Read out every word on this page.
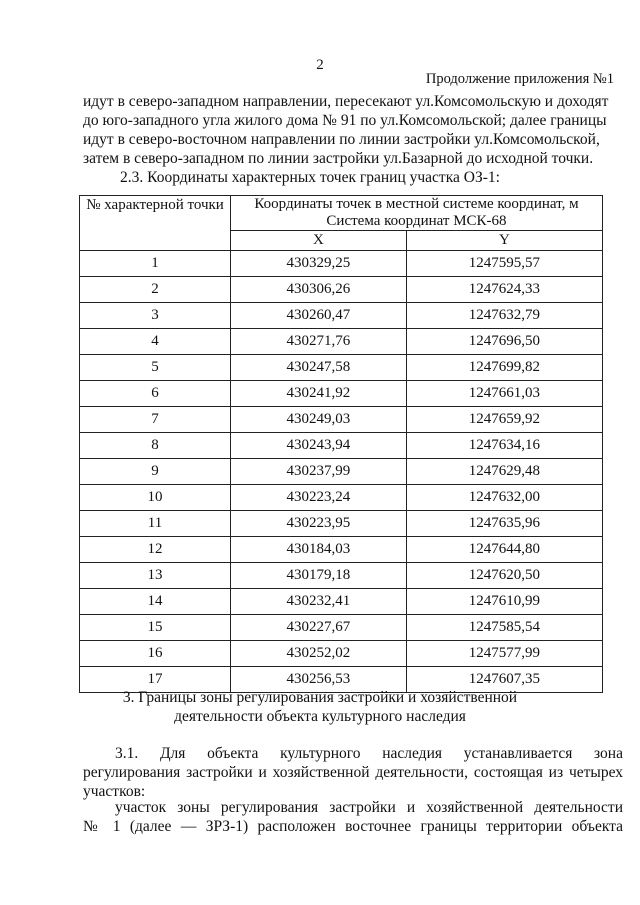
2
Продолжение приложения №1
идут в северо-западном направлении, пересекают ул.Комсомольскую и доходят
до юго-западного угла жилого дома № 91 по ул.Комсомольской; далее границы
идут в северо-восточном направлении по линии застройки ул.Комсомольской,
затем в северо-западном по линии застройки ул.Базарной до исходной точки.
2.3. Координаты характерных точек границ участка ОЗ-1:
№ характерной точки	Координаты точек в местной системе координат, м
Система координат МСК-68	
	X	Y
1	430329,25	1247595,57
2	430306,26	1247624,33
3	430260,47	1247632,79
4	430271,76	1247696,50
5	430247,58	1247699,82
6	430241,92	1247661,03
7	430249,03	1247659,92
8	430243,94	1247634,16
9	430237,99	1247629,48
10	430223,24	1247632,00
11	430223,95	1247635,96
12	430184,03	1247644,80
13	430179,18	1247620,50
14	430232,41	1247610,99
15	430227,67	1247585,54
16	430252,02	1247577,99
17	430256,53	1247607,35
3. Границы зоны регулирования застройки и хозяйственной
деятельности объекта культурного наследия
3.1. Для объекта культурного наследия устанавливается зона
регулирования застройки и хозяйственной деятельности, состоящая из четырех
участков:
участок зоны регулирования застройки и хозяйственной деятельности
№ 1 (далее — ЗРЗ-1) расположен восточнее границы территории объекта
